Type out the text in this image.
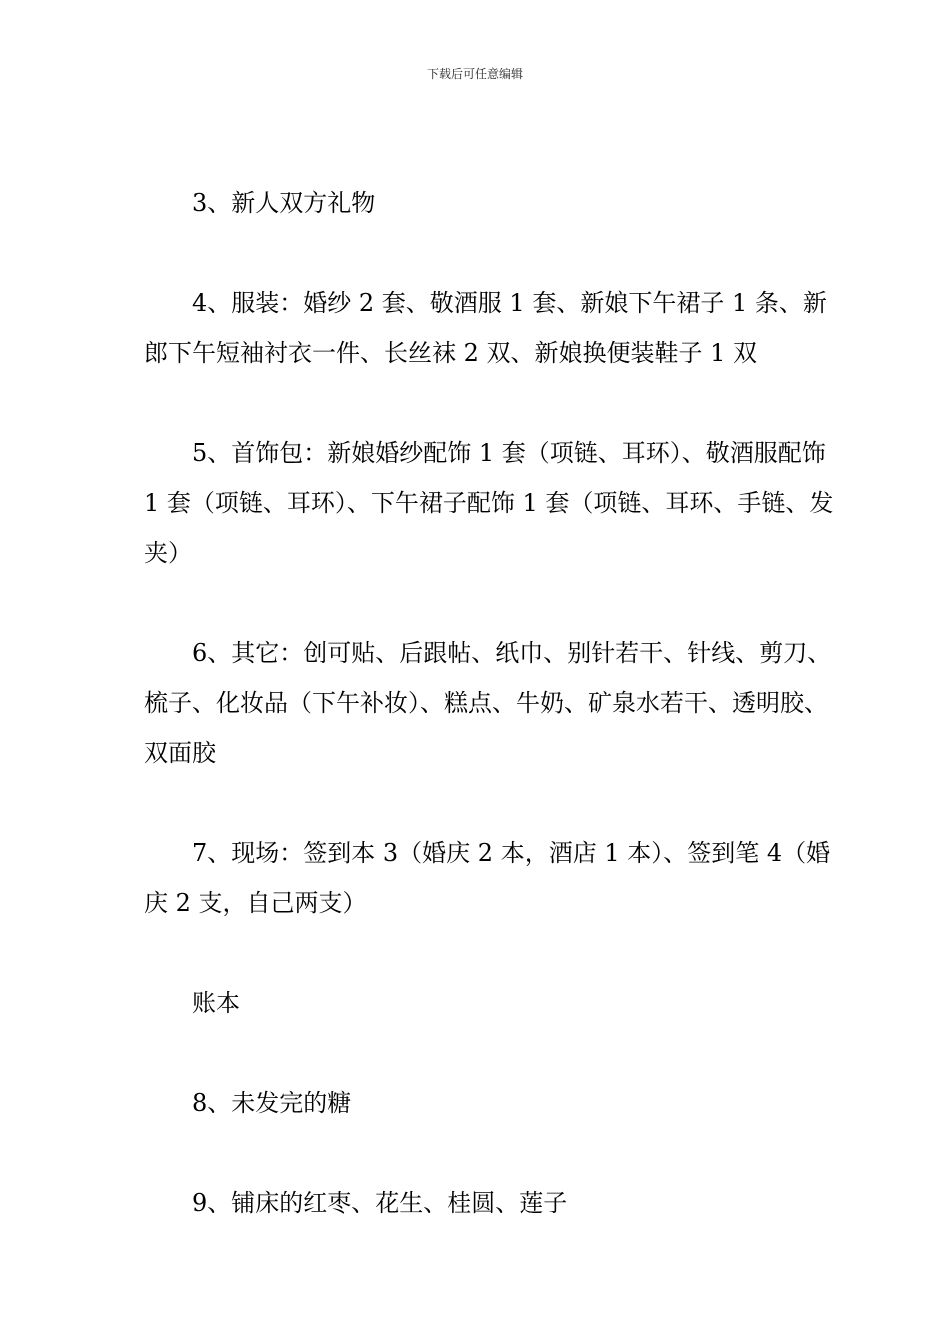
下载后可任意编辑

3、新人双方礼物

4、服装：婚纱 2 套、敬酒服 1 套、新娘下午裙子 1 条、新郎下午短袖衬衣一件、长丝袜 2 双、新娘换便装鞋子 1 双

5、首饰包：新娘婚纱配饰 1 套（项链、耳环）、敬酒服配饰 1 套（项链、耳环）、下午裙子配饰 1 套（项链、耳环、手链、发夹）

6、其它：创可贴、后跟帖、纸巾、别针若干、针线、剪刀、梳子、化妆品（下午补妆）、糕点、牛奶、矿泉水若干、透明胶、双面胶

7、现场：签到本 3（婚庆 2 本，酒店 1 本）、签到笔 4（婚庆 2 支，自己两支）

账本

8、未发完的糖

9、铺床的红枣、花生、桂圆、莲子
